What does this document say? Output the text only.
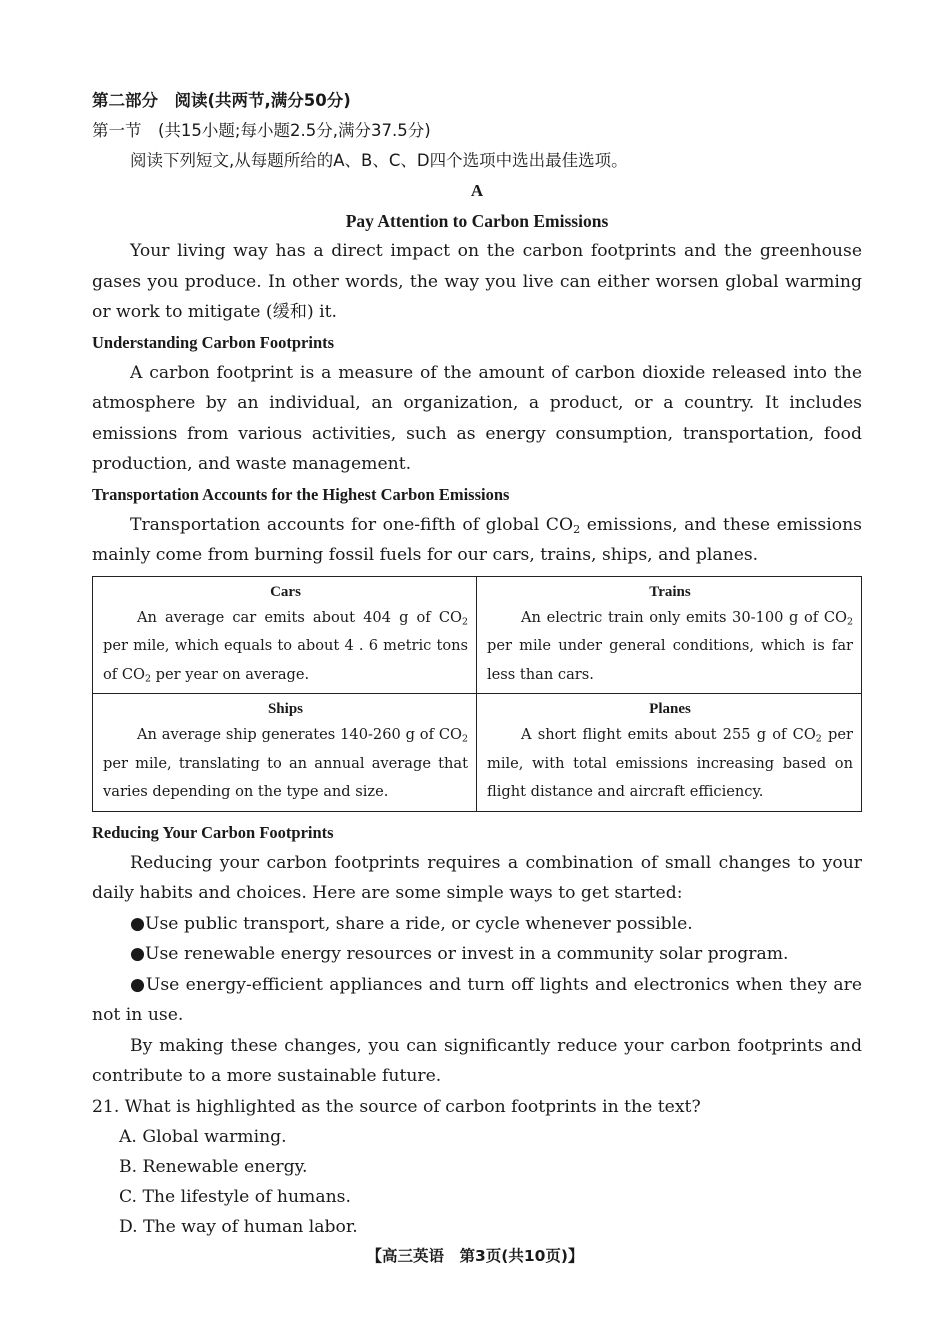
第二部分　阅读(共两节,满分50分)
第一节　(共15小题;每小题2.5分,满分37.5分)
阅读下列短文,从每题所给的A、B、C、D四个选项中选出最佳选项。
A
Pay Attention to Carbon Emissions
Your living way has a direct impact on the carbon footprints and the greenhouse gases you produce. In other words, the way you live can either worsen global warming or work to mitigate (缓和) it.
Understanding Carbon Footprints
A carbon footprint is a measure of the amount of carbon dioxide released into the atmosphere by an individual, an organization, a product, or a country. It includes emissions from various activities, such as energy consumption, transportation, food production, and waste management.
Transportation Accounts for the Highest Carbon Emissions
Transportation accounts for one-fifth of global $CO_2$ emissions, and these emissions mainly come from burning fossil fuels for our cars, trains, ships, and planes.
Cars
An average car emits about 404 g of $CO_2$ per mile, which equals to about 4 . 6 metric tons of $CO_2$ per year on average.
Trains
An electric train only emits 30-100 g of $CO_2$ per mile under general conditions, which is far less than cars.
Ships
An average ship generates 140-260 g of $CO_2$ per mile, translating to an annual average that varies depending on the type and size.
Planes
A short flight emits about 255 g of $CO_2$ per mile, with total emissions increasing based on flight distance and aircraft efficiency.
Reducing Your Carbon Footprints
Reducing your carbon footprints requires a combination of small changes to your daily habits and choices. Here are some simple ways to get started:
●Use public transport, share a ride, or cycle whenever possible.
●Use renewable energy resources or invest in a community solar program.
●Use energy-efficient appliances and turn off lights and electronics when they are not in use.
By making these changes, you can significantly reduce your carbon footprints and contribute to a more sustainable future.
21. What is highlighted as the source of carbon footprints in the text?
A. Global warming.
B. Renewable energy.
C. The lifestyle of humans.
D. The way of human labor.
【高三英语　第3页(共10页)】
